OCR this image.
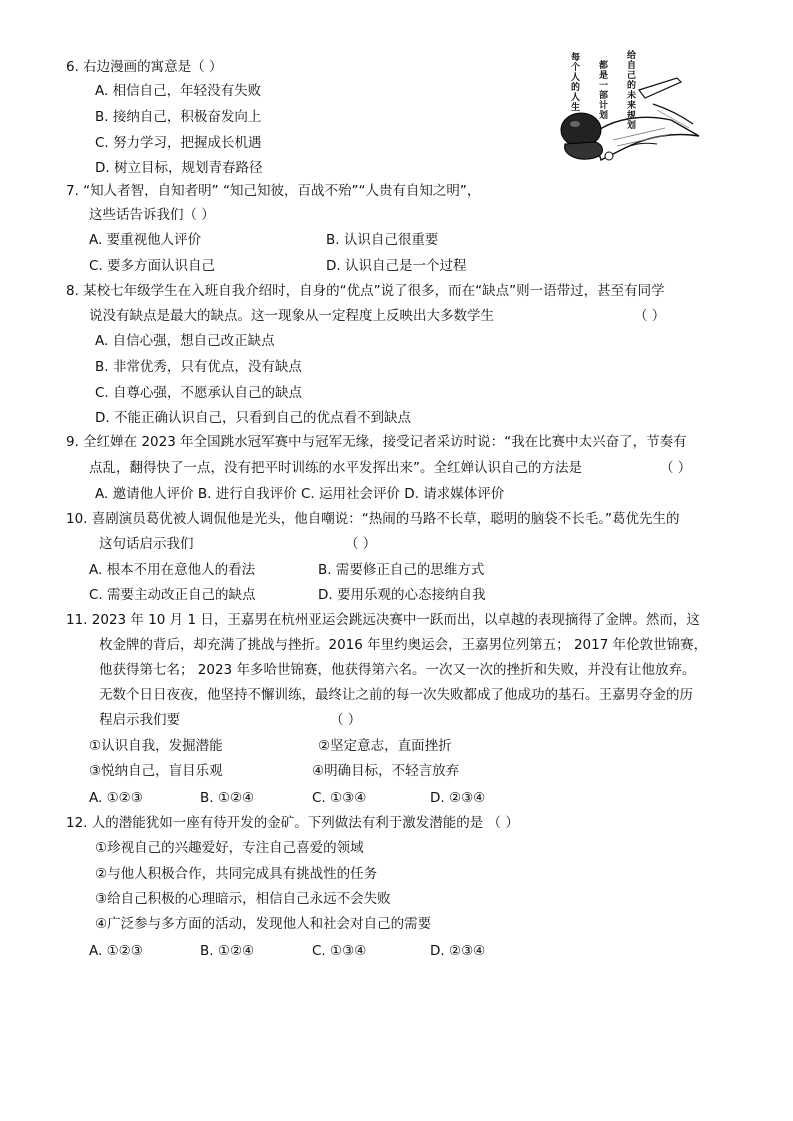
6. 右边漫画的寓意是（ ）
A. 相信自己，年轻没有失败
B. 接纳自己，积极奋发向上
C. 努力学习，把握成长机遇
D. 树立目标，规划青春路径
每个人的人生 都是一部计划 给自己的未来规划
7. “知人者智，自知者明” “知己知彼，百战不殆”“人贵有自知之明”，
这些话告诉我们（ ）
A. 要重视他人评价	B. 认识自己很重要
C. 要多方面认识自己	D. 认识自己是一个过程
8. 某校七年级学生在入班自我介绍时，自身的“优点”说了很多，而在“缺点”则一语带过，甚至有同学
说没有缺点是最大的缺点。这一现象从一定程度上反映出大多数学生	（ ）
A. 自信心强，想自己改正缺点
B. 非常优秀，只有优点，没有缺点
C. 自尊心强，不愿承认自己的缺点
D. 不能正确认识自己，只看到自己的优点看不到缺点
9. 全红婵在 2023 年全国跳水冠军赛中与冠军无缘，接受记者采访时说：“我在比赛中太兴奋了，节奏有
点乱，翻得快了一点，没有把平时训练的水平发挥出来”。全红婵认识自己的方法是	（ ）
A. 邀请他人评价 B. 进行自我评价 C. 运用社会评价 D. 请求媒体评价
10. 喜剧演员葛优被人调侃他是光头，他自嘲说：“热闹的马路不长草，聪明的脑袋不长毛。”葛优先生的
这句话启示我们	（ ）
A. 根本不用在意他人的看法	B. 需要修正自己的思维方式
C. 需要主动改正自己的缺点	D. 要用乐观的心态接纳自我
11. 2023 年 10 月 1 日，王嘉男在杭州亚运会跳远决赛中一跃而出，以卓越的表现摘得了金牌。然而，这
枚金牌的背后，却充满了挑战与挫折。2016 年里约奥运会，王嘉男位列第五； 2017 年伦敦世锦赛，
他获得第七名； 2023 年多哈世锦赛，他获得第六名。一次又一次的挫折和失败，并没有让他放弃。
无数个日日夜夜，他坚持不懈训练，最终让之前的每一次失败都成了他成功的基石。王嘉男夺金的历
程启示我们要	（ ）
①认识自我，发掘潜能	②坚定意志，直面挫折
③悦纳自己，盲目乐观	④明确目标，不轻言放弃
A. ①②③	B. ①②④	C. ①③④	D. ②③④
12. 人的潜能犹如一座有待开发的金矿。下列做法有利于激发潜能的是 （ ）
①珍视自己的兴趣爱好，专注自己喜爱的领域
②与他人积极合作，共同完成具有挑战性的任务
③给自己积极的心理暗示，相信自己永远不会失败
④广泛参与多方面的活动，发现他人和社会对自己的需要
A. ①②③	B. ①②④	C. ①③④	D. ②③④
